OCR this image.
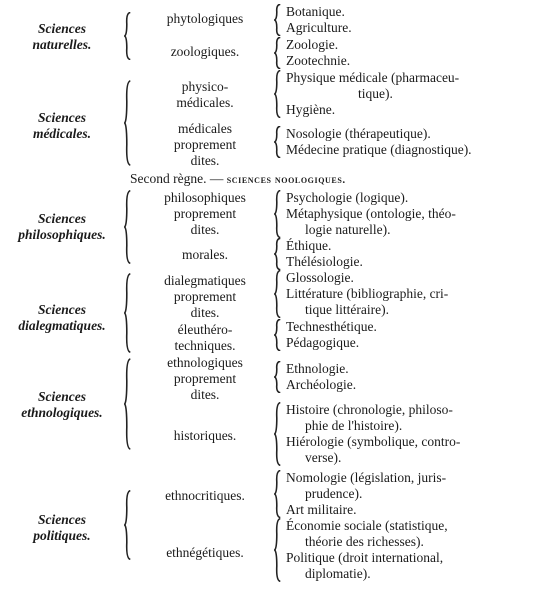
Sciences
naturelles.
phytologiques
zoologiques.
Botanique.
Agriculture.
Zoologie.
Zootechnie.
Sciences
médicales.
physico-
médicales.
médicales
proprement
dites.
Physique médicale (pharmaceu-
tique).
Hygiène.
Nosologie (thérapeutique).
Médecine pratique (diagnostique).
Second règne. — sciences noologiques.
Sciences
philosophiques.
philosophiques
proprement
dites.
morales.
Psychologie (logique).
Métaphysique (ontologie, théo-
logie naturelle).
Éthique.
Thélésiologie.
Sciences
dialegmatiques.
dialegmatiques
proprement
dites.
éleuthéro-
techniques.
Glossologie.
Littérature (bibliographie, cri-
tique littéraire).
Technesthétique.
Pédagogique.
Sciences
ethnologiques.
ethnologiques
proprement
dites.
historiques.
Ethnologie.
Archéologie.
Histoire (chronologie, philoso-
phie de l'histoire).
Hiérologie (symbolique, contro-
verse).
Sciences
politiques.
ethnocritiques.
ethnégétiques.
Nomologie (législation, juris-
prudence).
Art militaire.
Économie sociale (statistique,
théorie des richesses).
Politique (droit international,
diplomatie).
